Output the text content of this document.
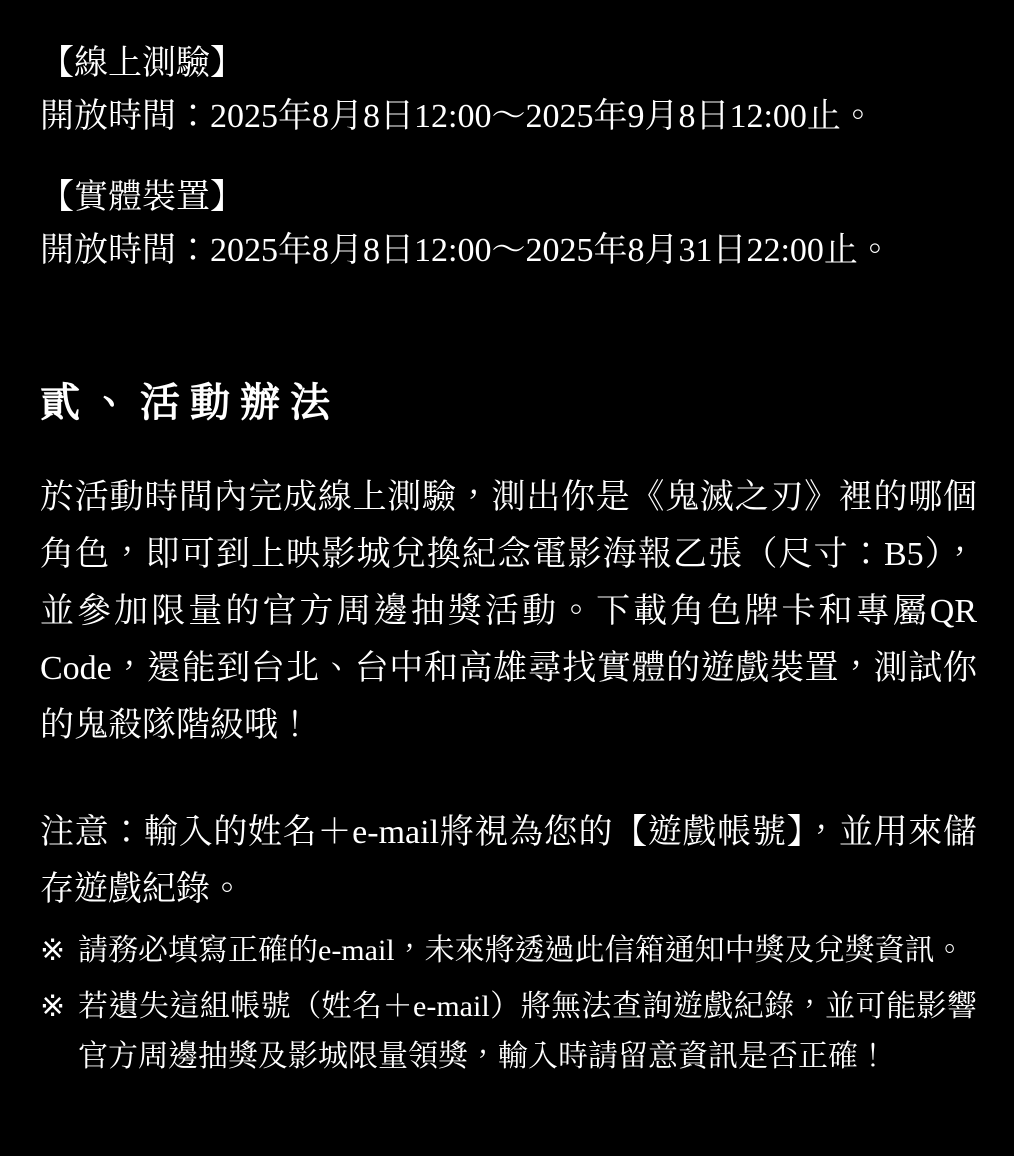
【線上測驗】
開放時間：2025年8月8日12:00～2025年9月8日12:00止。

【實體裝置】
開放時間：2025年8月8日12:00～2025年8月31日22:00止。

貳、活動辦法

於活動時間內完成線上測驗，測出你是《鬼滅之刃》裡的哪個角色，即可到上映影城兌換紀念電影海報乙張（尺寸：B5），並參加限量的官方周邊抽獎活動。下載角色牌卡和專屬QR Code，還能到台北、台中和高雄尋找實體的遊戲裝置，測試你的鬼殺隊階級哦！

注意：輸入的姓名＋e-mail將視為您的【遊戲帳號】，並用來儲存遊戲紀錄。

※ 請務必填寫正確的e-mail，未來將透過此信箱通知中獎及兌獎資訊。
※ 若遺失這組帳號（姓名＋e-mail）將無法查詢遊戲紀錄，並可能影響官方周邊抽獎及影城限量領獎，輸入時請留意資訊是否正確！
